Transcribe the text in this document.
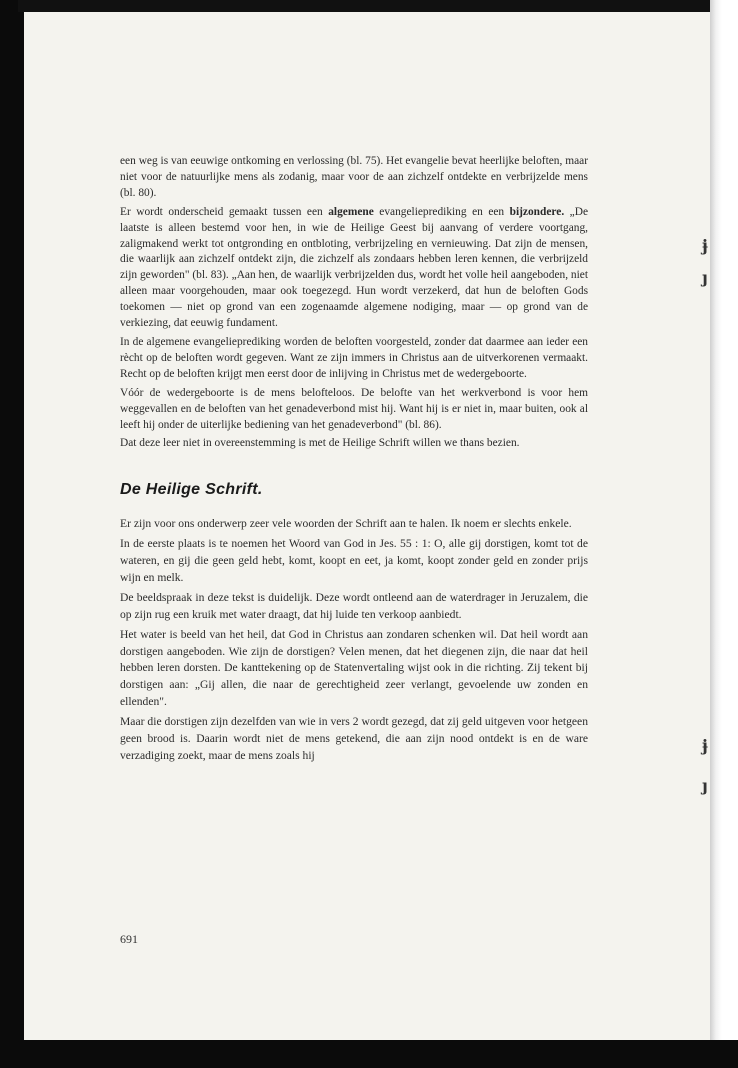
een weg is van eeuwige ontkoming en verlossing (bl. 75). Het evangelie bevat heerlijke beloften, maar niet voor de natuurlijke mens als zodanig, maar voor de aan zichzelf ontdekte en verbrijzelde mens (bl. 80).

Er wordt onderscheid gemaakt tussen een algemene evangelieprediking en een bijzondere. „De laatste is alleen bestemd voor hen, in wie de Heilige Geest bij aanvang of verdere voortgang, zaligmakend werkt tot ontgronding en ontbloting, verbrijzeling en vernieuwing. Dat zijn de mensen, die waarlijk aan zichzelf ontdekt zijn, die zichzelf als zondaars hebben leren kennen, die verbrijzeld zijn geworden" (bl. 83). „Aan hen, de waarlijk verbrijzelden dus, wordt het volle heil aangeboden, niet alleen maar voorgehouden, maar ook toegezegd. Hun wordt verzekerd, dat hun de beloften Gods toekomen — niet op grond van een zogenaamde algemene nodiging, maar — op grond van de verkiezing, dat eeuwig fundament.

In de algemene evangelieprediking worden de beloften voorgesteld, zonder dat daarmee aan ieder een rècht op de beloften wordt gegeven. Want ze zijn immers in Christus aan de uitverkorenen vermaakt. Recht op de beloften krijgt men eerst door de inlijving in Christus met de wedergeboorte.

Vóór de wedergeboorte is de mens belofteloos. De belofte van het werkverbond is voor hem weggevallen en de beloften van het genadeverbond mist hij. Want hij is er niet in, maar buiten, ook al leeft hij onder de uiterlijke bediening van het genadeverbond" (bl. 86).

Dat deze leer niet in overeenstemming is met de Heilige Schrift willen we thans bezien.

De Heilige Schrift.

Er zijn voor ons onderwerp zeer vele woorden der Schrift aan te halen. Ik noem er slechts enkele.

In de eerste plaats is te noemen het Woord van God in Jes. 55 : 1: O, alle gij dorstigen, komt tot de wateren, en gij die geen geld hebt, komt, koopt en eet, ja komt, koopt zonder geld en zonder prijs wijn en melk.

De beeldspraak in deze tekst is duidelijk. Deze wordt ontleend aan de waterdrager in Jeruzalem, die op zijn rug een kruik met water draagt, dat hij luide ten verkoop aanbiedt.

Het water is beeld van het heil, dat God in Christus aan zondaren schenken wil. Dat heil wordt aan dorstigen aangeboden. Wie zijn de dorstigen? Velen menen, dat het diegenen zijn, die naar dat heil hebben leren dorsten. De kanttekening op de Statenvertaling wijst ook in die richting. Zij tekent bij dorstigen aan: „Gij allen, die naar de gerechtigheid zeer verlangt, gevoelende uw zonden en ellenden".

Maar die dorstigen zijn dezelfden van wie in vers 2 wordt gezegd, dat zij geld uitgeven voor hetgeen geen brood is. Daarin wordt niet de mens getekend, die aan zijn nood ontdekt is en de ware verzadiging zoekt, maar de mens zoals hij

691
ɉ
ȷ
ɉ
ȷ
